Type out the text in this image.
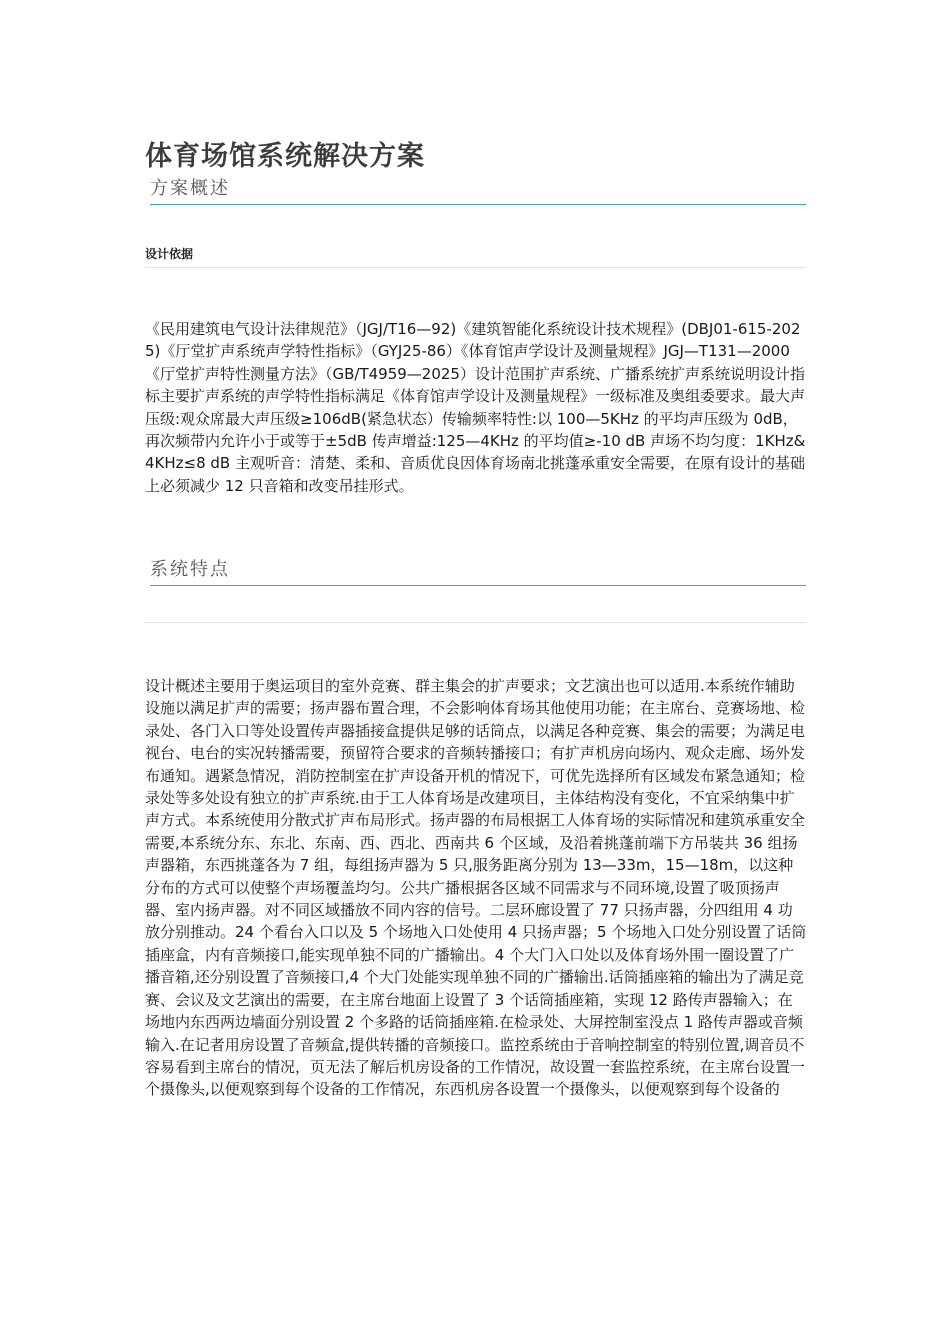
体育场馆系统解决方案
方案概述
设计依据

《民用建筑电气设计法律规范》（JGJ/T16—92)《建筑智能化系统设计技术规程》(DBJ01-615-2025)《厅堂扩声系统声学特性指标》（GYJ25-86）《体育馆声学设计及测量规程》JGJ—T131—2000《厅堂扩声特性测量方法》（GB/T4959—2025）设计范围扩声系统、广播系统扩声系统说明设计指标主要扩声系统的声学特性指标满足《体育馆声学设计及测量规程》一级标准及奥组委要求。最大声压级:观众席最大声压级≥106dB(紧急状态）传输频率特性:以 100—5KHz 的平均声压级为 0dB，再次频带内允许小于或等于±5dB 传声增益:125—4KHz 的平均值≥-10 dB 声场不均匀度：1KHz&4KHz≤8 dB 主观听音：清楚、柔和、音质优良因体育场南北挑蓬承重安全需要，在原有设计的基础上必须减少 12 只音箱和改变吊挂形式。

系统特点

设计概述主要用于奥运项目的室外竞赛、群主集会的扩声要求；文艺演出也可以适用.本系统作辅助设施以满足扩声的需要；扬声器布置合理，不会影响体育场其他使用功能；在主席台、竞赛场地、检录处、各门入口等处设置传声器插接盒提供足够的话筒点，以满足各种竞赛、集会的需要；为满足电视台、电台的实况转播需要，预留符合要求的音频转播接口；有扩声机房向场内、观众走廊、场外发布通知。遇紧急情况，消防控制室在扩声设备开机的情况下，可优先选择所有区域发布紧急通知；检录处等多处设有独立的扩声系统.由于工人体育场是改建项目，主体结构没有变化，不宜采纳集中扩声方式。本系统使用分散式扩声布局形式。扬声器的布局根据工人体育场的实际情况和建筑承重安全需要,本系统分东、东北、东南、西、西北、西南共 6 个区域，及沿着挑蓬前端下方吊装共 36 组扬声器箱，东西挑蓬各为 7 组，每组扬声器为 5 只,服务距离分别为 13—33m，15—18m，以这种分布的方式可以使整个声场覆盖均匀。公共广播根据各区域不同需求与不同环境,设置了吸顶扬声器、室内扬声器。对不同区域播放不同内容的信号。二层环廊设置了 77 只扬声器，分四组用 4 功放分别推动。24 个看台入口以及 5 个场地入口处使用 4 只扬声器；5 个场地入口处分别设置了话筒插座盒，内有音频接口,能实现单独不同的广播输出。4 个大门入口处以及体育场外围一圈设置了广播音箱,还分别设置了音频接口,4 个大门处能实现单独不同的广播输出.话筒插座箱的输出为了满足竞赛、会议及文艺演出的需要，在主席台地面上设置了 3 个话筒插座箱，实现 12 路传声器输入；在场地内东西两边墙面分别设置 2 个多路的话筒插座箱.在检录处、大屏控制室没点 1 路传声器或音频输入.在记者用房设置了音频盒,提供转播的音频接口。监控系统由于音响控制室的特别位置,调音员不容易看到主席台的情况，页无法了解后机房设备的工作情况，故设置一套监控系统，在主席台设置一个摄像头,以便观察到每个设备的工作情况，东西机房各设置一个摄像头，以便观察到每个设备的
